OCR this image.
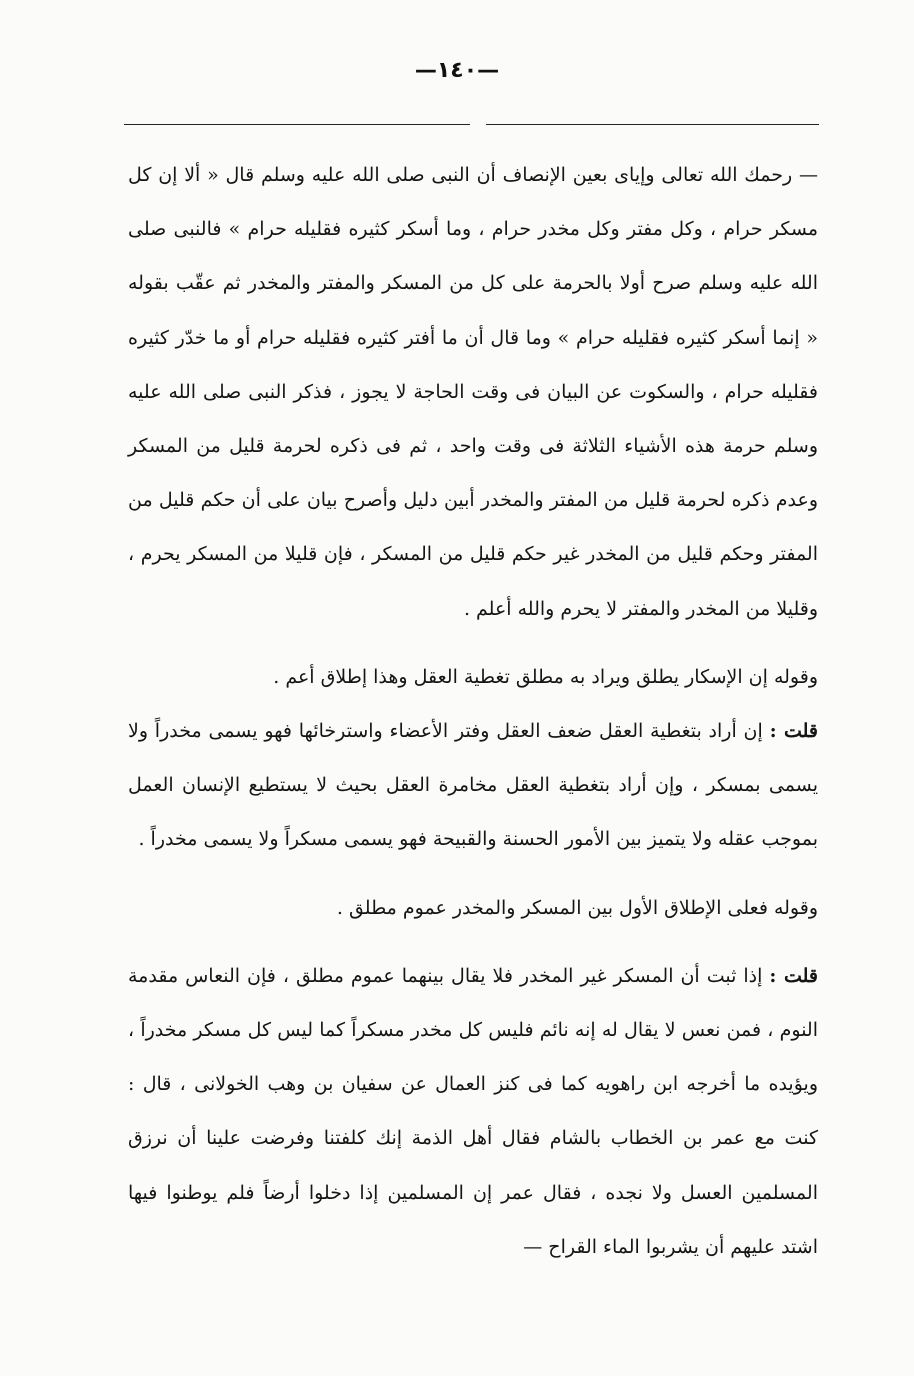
—١٤٠—

— رحمك الله تعالى وإياى بعين الإنصاف أن النبى صلى الله عليه وسلم قال « ألا إن كل مسكر حرام ، وكل مفتر وكل مخدر حرام ، وما أسكر كثيره فقليله حرام » فالنبى صلى الله عليه وسلم صرح أولا بالحرمة على كل من المسكر والمفتر والمخدر ثم عقّب بقوله « إنما أسكر كثيره فقليله حرام » وما قال أن ما أفتر كثيره فقليله حرام أو ما خدّر كثيره فقليله حرام ، والسكوت عن البيان فى وقت الحاجة لا يجوز ، فذكر النبى صلى الله عليه وسلم حرمة هذه الأشياء الثلاثة فى وقت واحد ، ثم فى ذكره لحرمة قليل من المسكر وعدم ذكره لحرمة قليل من المفتر والمخدر أبين دليل وأصرح بيان على أن حكم قليل من المفتر وحكم قليل من المخدر غير حكم قليل من المسكر ، فإن قليلا من المسكر يحرم ، وقليلا من المخدر والمفتر لا يحرم والله أعلم .

وقوله إن الإسكار يطلق ويراد به مطلق تغطية العقل وهذا إطلاق أعم .

قلت : إن أراد بتغطية العقل ضعف العقل وفتر الأعضاء واسترخائها فهو يسمى مخدراً ولا يسمى بمسكر ، وإن أراد بتغطية العقل مخامرة العقل بحيث لا يستطيع الإنسان العمل بموجب عقله ولا يتميز بين الأمور الحسنة والقبيحة فهو يسمى مسكراً ولا يسمى مخدراً .

وقوله فعلى الإطلاق الأول بين المسكر والمخدر عموم مطلق .

قلت : إذا ثبت أن المسكر غير المخدر فلا يقال بينهما عموم مطلق ، فإن النعاس مقدمة النوم ، فمن نعس لا يقال له إنه نائم فليس كل مخدر مسكراً كما ليس كل مسكر مخدراً ، ويؤيده ما أخرجه ابن راهويه كما فى كنز العمال عن سفيان بن وهب الخولانى ، قال : كنت مع عمر بن الخطاب بالشام فقال أهل الذمة إنك كلفتنا وفرضت علينا أن نرزق المسلمين العسل ولا نجده ، فقال عمر إن المسلمين إذا دخلوا أرضاً فلم يوطنوا فيها اشتد عليهم أن يشربوا الماء القراح —
